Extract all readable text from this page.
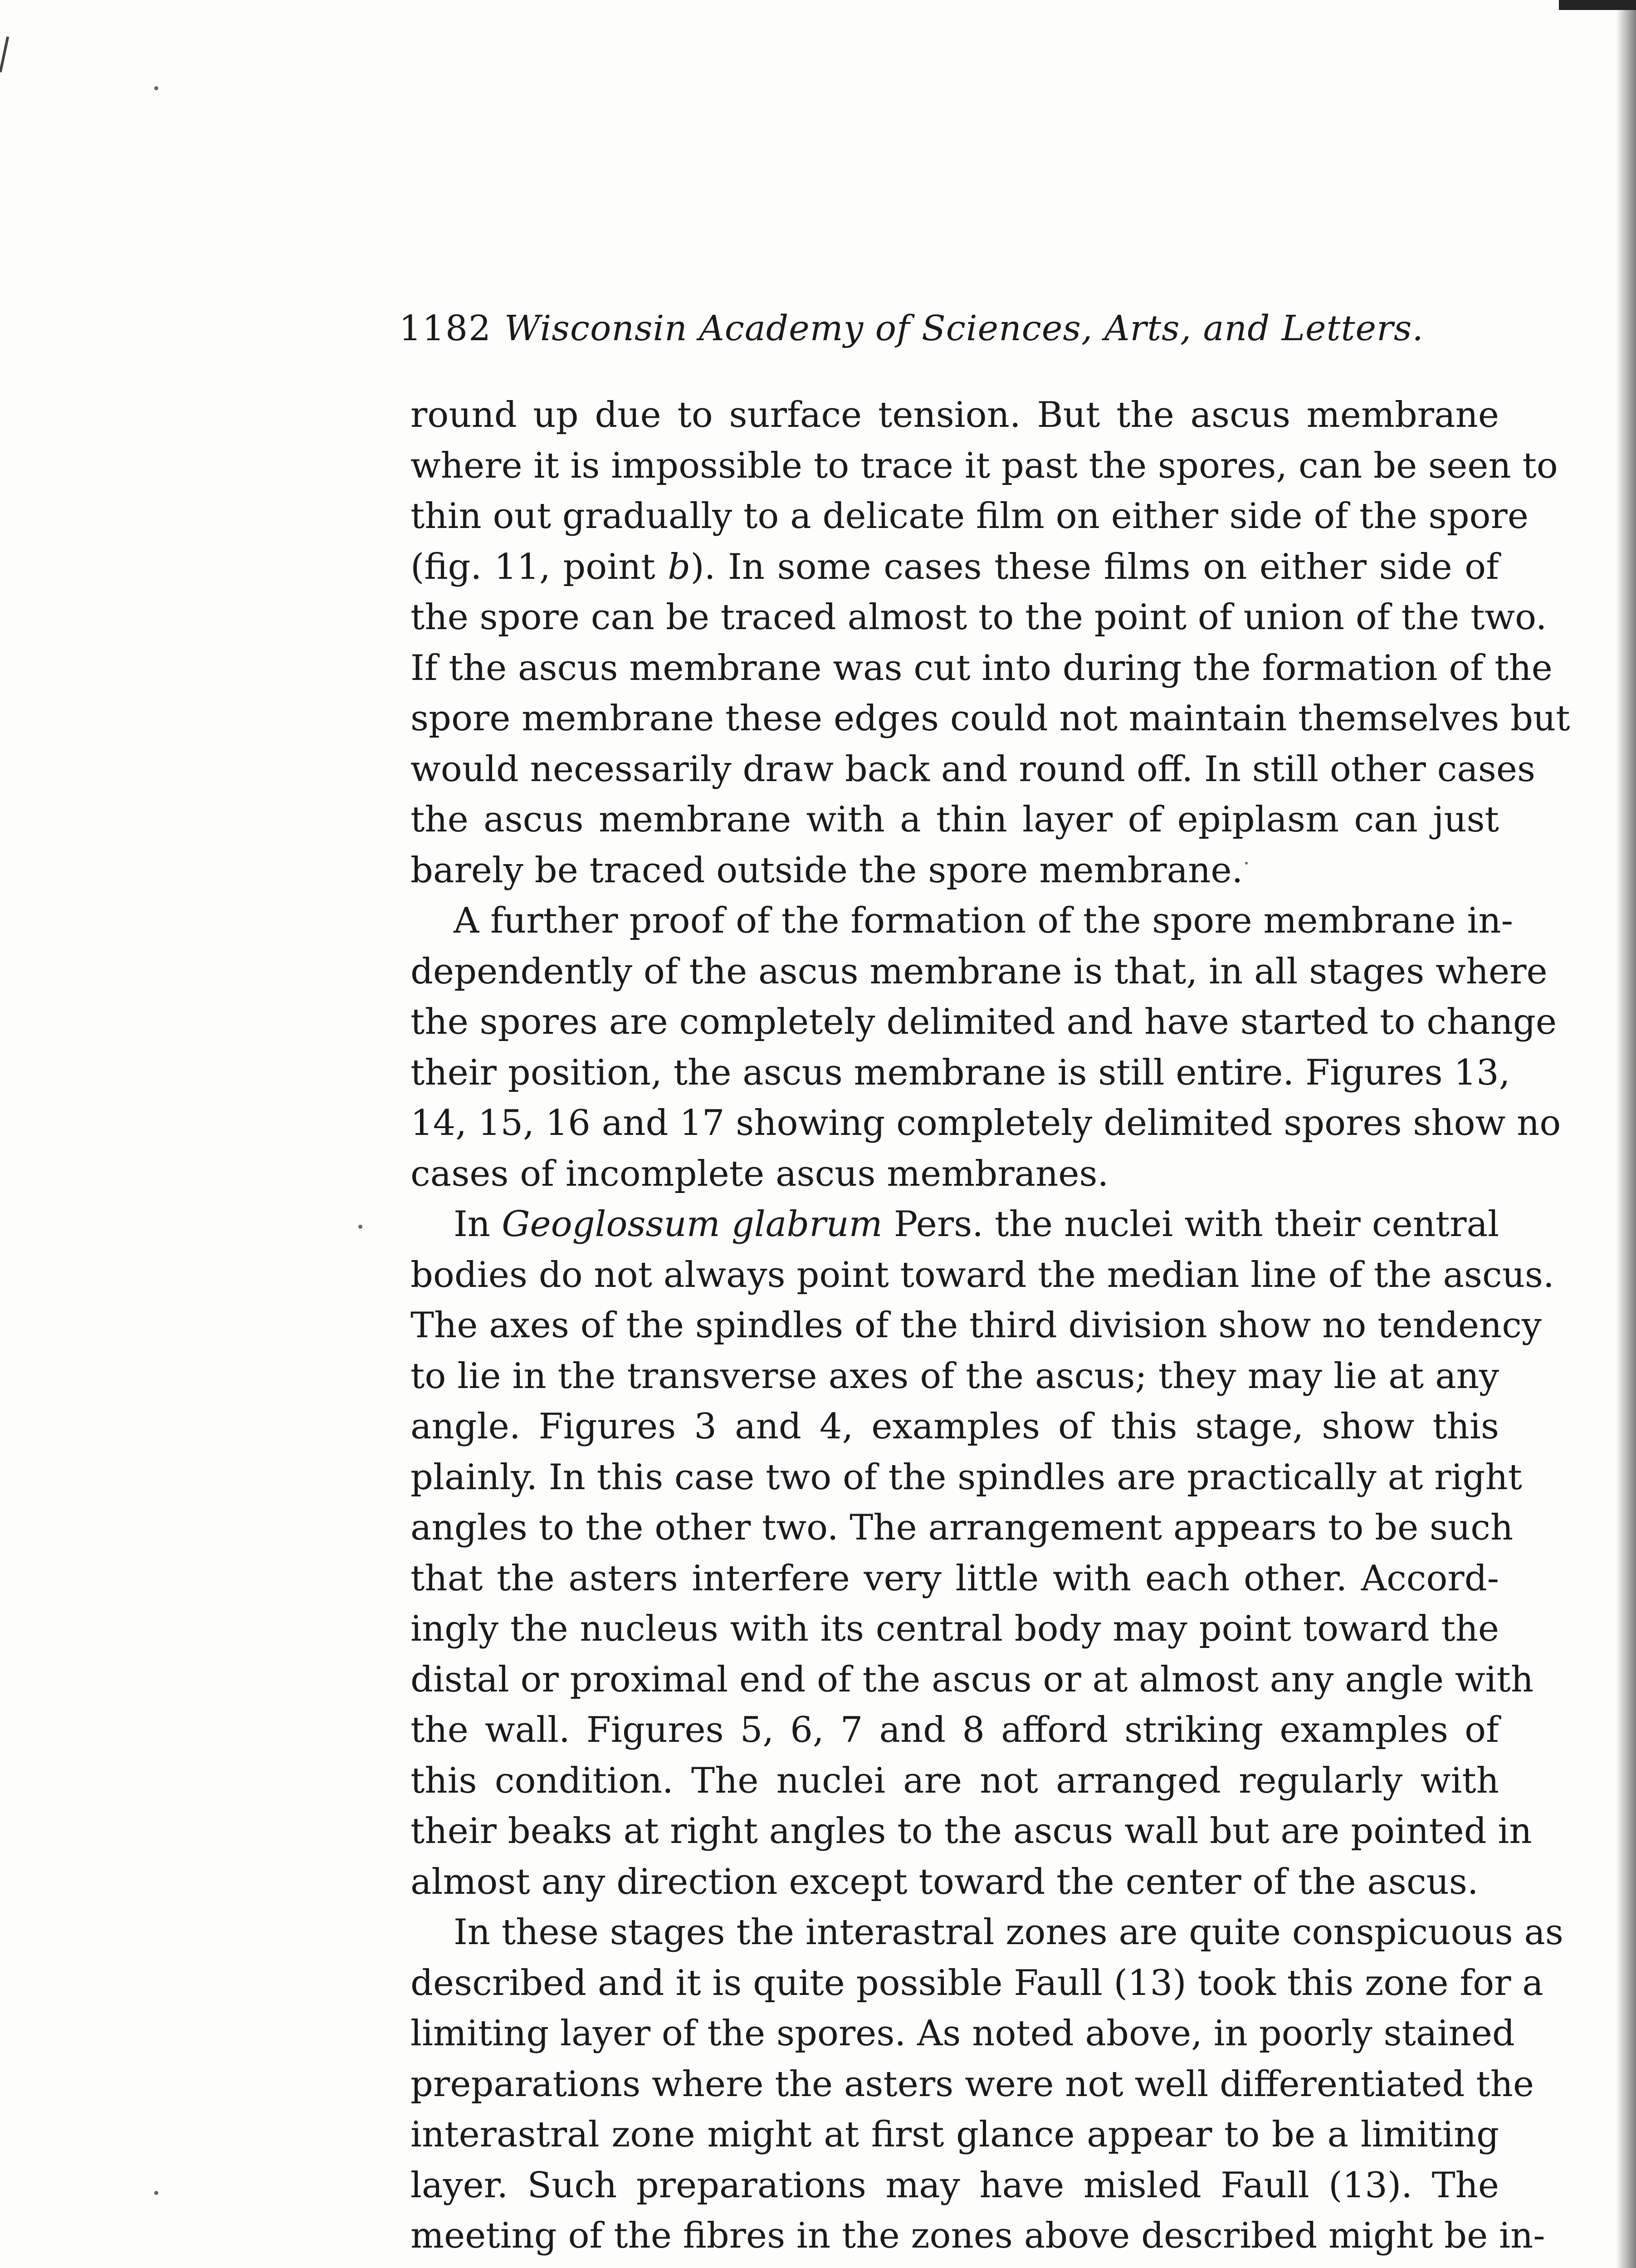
1182 Wisconsin Academy of Sciences, Arts, and Letters.
round up due to surface tension. But the ascus membrane
where it is impossible to trace it past the spores, can be seen to
thin out gradually to a delicate film on either side of the spore
(fig. 11, point b). In some cases these films on either side of
the spore can be traced almost to the point of union of the two.
If the ascus membrane was cut into during the formation of the
spore membrane these edges could not maintain themselves but
would necessarily draw back and round off. In still other cases
the ascus membrane with a thin layer of epiplasm can just
barely be traced outside the spore membrane.
A further proof of the formation of the spore membrane in-
dependently of the ascus membrane is that, in all stages where
the spores are completely delimited and have started to change
their position, the ascus membrane is still entire. Figures 13,
14, 15, 16 and 17 showing completely delimited spores show no
cases of incomplete ascus membranes.
In Geoglossum glabrum Pers. the nuclei with their central
bodies do not always point toward the median line of the ascus.
The axes of the spindles of the third division show no tendency
to lie in the transverse axes of the ascus; they may lie at any
angle. Figures 3 and 4, examples of this stage, show this
plainly. In this case two of the spindles are practically at right
angles to the other two. The arrangement appears to be such
that the asters interfere very little with each other. Accord-
ingly the nucleus with its central body may point toward the
distal or proximal end of the ascus or at almost any angle with
the wall. Figures 5, 6, 7 and 8 afford striking examples of
this condition. The nuclei are not arranged regularly with
their beaks at right angles to the ascus wall but are pointed in
almost any direction except toward the center of the ascus.
In these stages the interastral zones are quite conspicuous as
described and it is quite possible Faull (13) took this zone for a
limiting layer of the spores. As noted above, in poorly stained
preparations where the asters were not well differentiated the
interastral zone might at first glance appear to be a limiting
layer. Such preparations may have misled Faull (13). The
meeting of the fibres in the zones above described might be in-
